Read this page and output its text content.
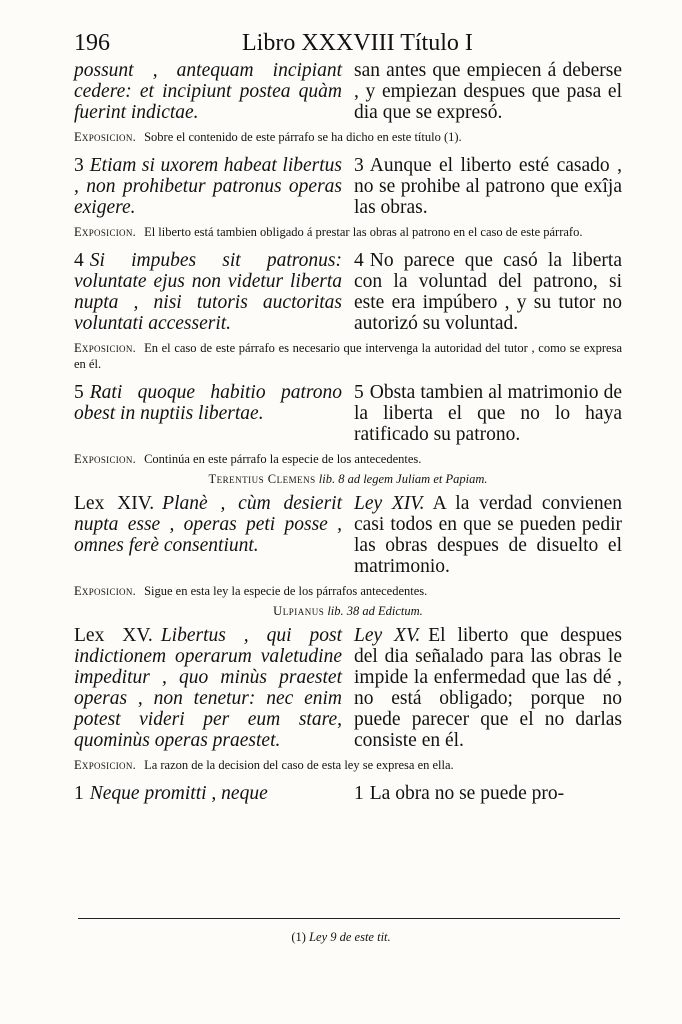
196	Libro XXXVIII Título I
possunt , antequam incipiant cedere: et incipiunt postea quàm fuerint indictae.
san antes que empiecen á deberse , y empiezan despues que pasa el dia que se expresó.
Exposicion. Sobre el contenido de este párrafo se ha dicho en este título (1).
3 Etiam si uxorem habeat libertus , non prohibetur patronus operas exigere.
3 Aunque el liberto esté casado , no se prohibe al patrono que exîja las obras.
Exposicion. El liberto está tambien obligado á prestar las obras al patrono en el caso de este párrafo.
4 Si impubes sit patronus: voluntate ejus non videtur liberta nupta , nisi tutoris auctoritas voluntati accesserit.
4 No parece que casó la liberta con la voluntad del patrono, si este era impúbero , y su tutor no autorizó su voluntad.
Exposicion. En el caso de este párrafo es necesario que intervenga la autoridad del tutor , como se expresa en él.
5 Rati quoque habitio patrono obest in nuptiis libertae.
5 Obsta tambien al matrimonio de la liberta el que no lo haya ratificado su patrono.
Exposicion. Continúa en este párrafo la especie de los antecedentes.
Terentius Clemens lib. 8 ad legem Juliam et Papiam.
Lex XIV. Planè , cùm desierit nupta esse , operas peti posse , omnes ferè consentiunt.
Ley XIV. A la verdad convienen casi todos en que se pueden pedir las obras despues de disuelto el matrimonio.
Exposicion. Sigue en esta ley la especie de los párrafos antecedentes.
Ulpianus lib. 38 ad Edictum.
Lex XV. Libertus , qui post indictionem operarum valetudine impeditur , quo minùs praestet operas , non tenetur: nec enim potest videri per eum stare, quominùs operas praestet.
Ley XV. El liberto que despues del dia señalado para las obras le impide la enfermedad que las dé , no está obligado; porque no puede parecer que el no darlas consiste en él.
Exposicion. La razon de la decision del caso de esta ley se expresa en ella.
1 Neque promitti , neque	1 La obra no se puede pro-
(1) Ley 9 de este tit.
